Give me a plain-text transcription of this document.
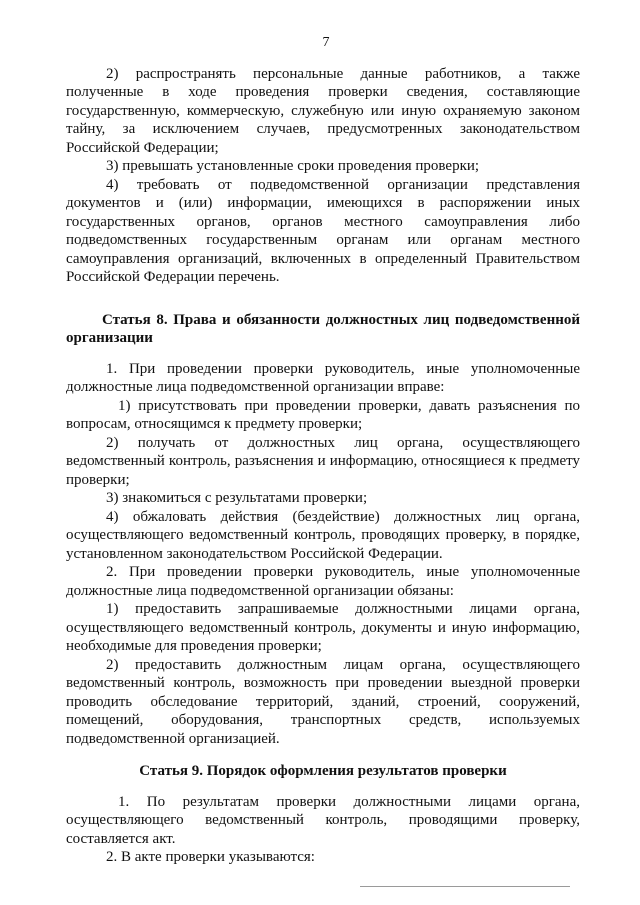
7

2) распространять персональные данные работников, а также полученные в ходе проведения проверки сведения, составляющие государственную, коммерческую, служебную или иную охраняемую законом тайну, за исключением случаев, предусмотренных законодательством Российской Федерации;

3) превышать установленные сроки проведения проверки;

4) требовать от подведомственной организации представления документов и (или) информации, имеющихся в распоряжении иных государственных органов, органов местного самоуправления либо подведомственных государственным органам или органам местного самоуправления организаций, включенных в определенный Правительством Российской Федерации перечень.

Статья 8. Права и обязанности должностных лиц подведомственной организации

1. При проведении проверки руководитель, иные уполномоченные должностные лица подведомственной организации вправе:

1) присутствовать при проведении проверки, давать разъяснения по вопросам, относящимся к предмету проверки;

2) получать от должностных лиц органа, осуществляющего ведомственный контроль, разъяснения и информацию, относящиеся к предмету проверки;

3) знакомиться с результатами проверки;

4) обжаловать действия (бездействие) должностных лиц органа, осуществляющего ведомственный контроль, проводящих проверку, в порядке, установленном законодательством Российской Федерации.

2. При проведении проверки руководитель, иные уполномоченные должностные лица подведомственной организации обязаны:

1) предоставить запрашиваемые должностными лицами органа, осуществляющего ведомственный контроль, документы и иную информацию, необходимые для проведения проверки;

2) предоставить должностным лицам органа, осуществляющего ведомственный контроль, возможность при проведении выездной проверки проводить обследование территорий, зданий, строений, сооружений, помещений, оборудования, транспортных средств, используемых подведомственной организацией.

Статья 9. Порядок оформления результатов проверки

1. По результатам проверки должностными лицами органа, осуществляющего ведомственный контроль, проводящими проверку, составляется акт.

2. В акте проверки указываются:
